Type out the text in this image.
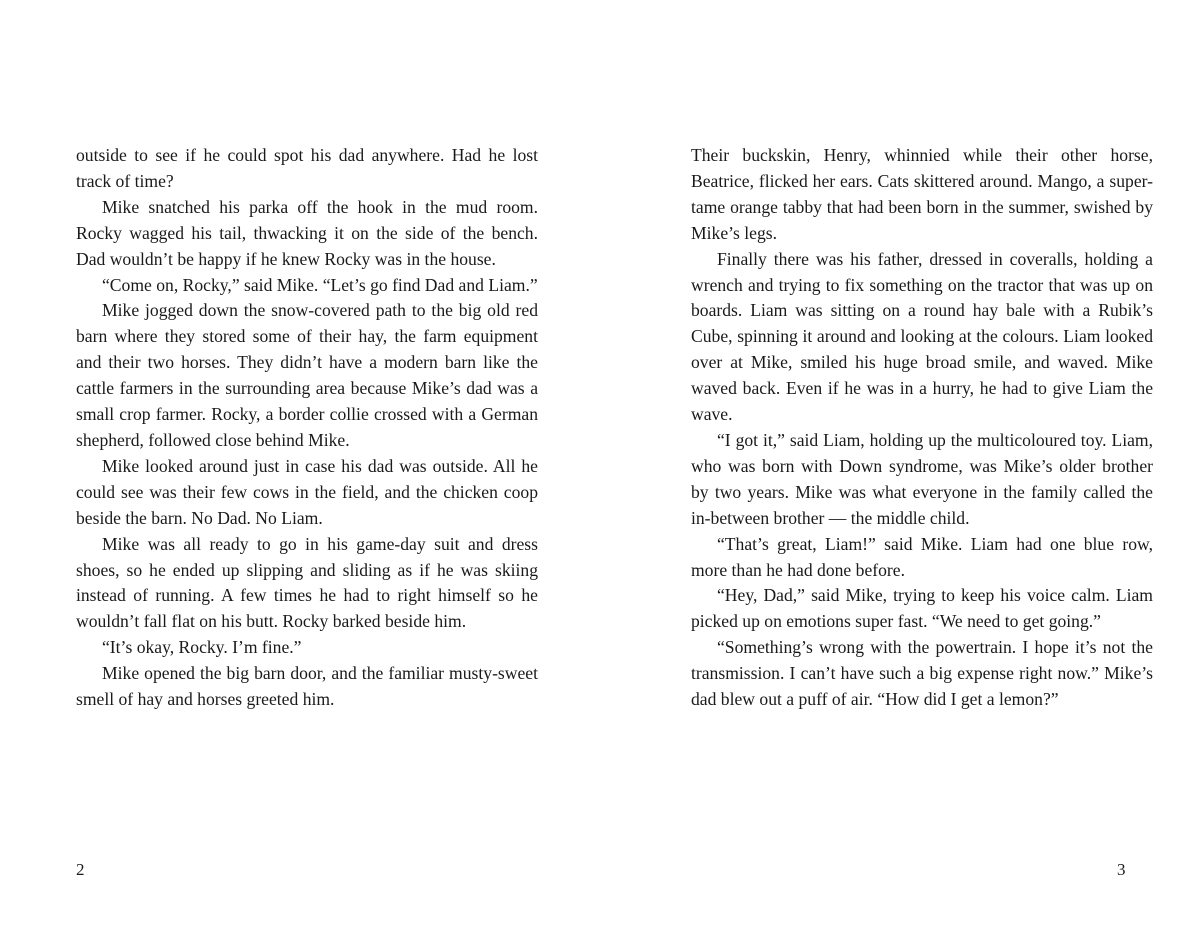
outside to see if he could spot his dad anywhere. Had he lost track of time?

Mike snatched his parka off the hook in the mud room. Rocky wagged his tail, thwacking it on the side of the bench. Dad wouldn’t be happy if he knew Rocky was in the house.

“Come on, Rocky,” said Mike. “Let’s go find Dad and Liam.”

Mike jogged down the snow-covered path to the big old red barn where they stored some of their hay, the farm equipment and their two horses. They didn’t have a modern barn like the cattle farmers in the surrounding area because Mike’s dad was a small crop farmer. Rocky, a border collie crossed with a German shepherd, followed close behind Mike.

Mike looked around just in case his dad was outside. All he could see was their few cows in the field, and the chicken coop beside the barn. No Dad. No Liam.

Mike was all ready to go in his game-day suit and dress shoes, so he ended up slipping and sliding as if he was skiing instead of running. A few times he had to right himself so he wouldn’t fall flat on his butt. Rocky barked beside him.

“It’s okay, Rocky. I’m fine.”

Mike opened the big barn door, and the familiar musty-sweet smell of hay and horses greeted him.

2

Their buckskin, Henry, whinnied while their other horse, Beatrice, flicked her ears. Cats skittered around. Mango, a super-tame orange tabby that had been born in the summer, swished by Mike’s legs.

Finally there was his father, dressed in coveralls, holding a wrench and trying to fix something on the tractor that was up on boards. Liam was sitting on a round hay bale with a Rubik’s Cube, spinning it around and looking at the colours. Liam looked over at Mike, smiled his huge broad smile, and waved. Mike waved back. Even if he was in a hurry, he had to give Liam the wave.

“I got it,” said Liam, holding up the multicoloured toy. Liam, who was born with Down syndrome, was Mike’s older brother by two years. Mike was what everyone in the family called the in-between brother — the middle child.

“That’s great, Liam!” said Mike. Liam had one blue row, more than he had done before.

“Hey, Dad,” said Mike, trying to keep his voice calm. Liam picked up on emotions super fast. “We need to get going.”

“Something’s wrong with the powertrain. I hope it’s not the transmission. I can’t have such a big expense right now.” Mike’s dad blew out a puff of air. “How did I get a lemon?”

3
